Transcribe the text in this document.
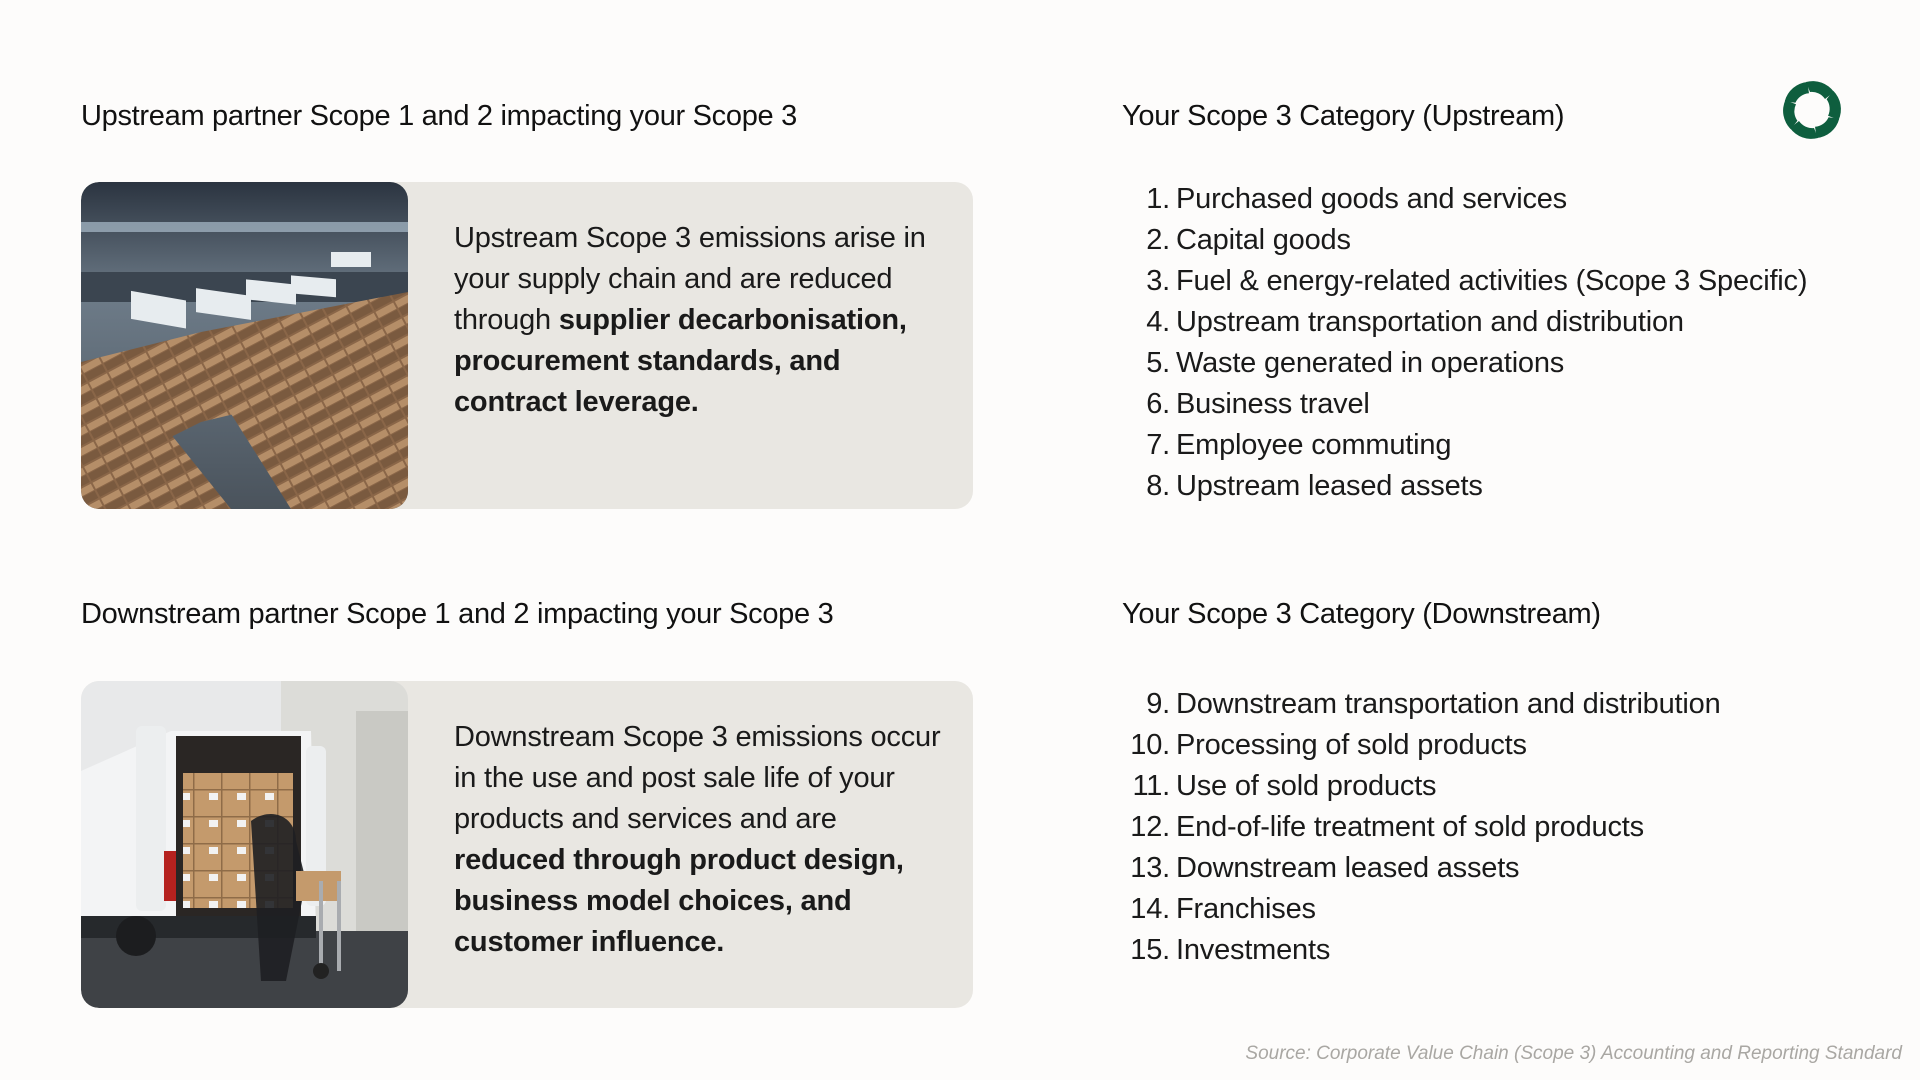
Upstream partner Scope 1 and 2 impacting your Scope 3

Upstream Scope 3 emissions arise in your supply chain and are reduced through supplier decarbonisation, procurement standards, and contract leverage.

Your Scope 3 Category (Upstream)
1. Purchased goods and services
2. Capital goods
3. Fuel & energy-related activities (Scope 3 Specific)
4. Upstream transportation and distribution
5. Waste generated in operations
6. Business travel
7. Employee commuting
8. Upstream leased assets
Downstream partner Scope 1 and 2 impacting your Scope 3

Downstream Scope 3 emissions occur in the use and post sale life of your products and services and are reduced through product design, business model choices, and customer influence.

Your Scope 3 Category (Downstream)
9. Downstream transportation and distribution
10. Processing of sold products
11. Use of sold products
12. End-of-life treatment of sold products
13. Downstream leased assets
14. Franchises
15. Investments

Source: Corporate Value Chain (Scope 3) Accounting and Reporting Standard
